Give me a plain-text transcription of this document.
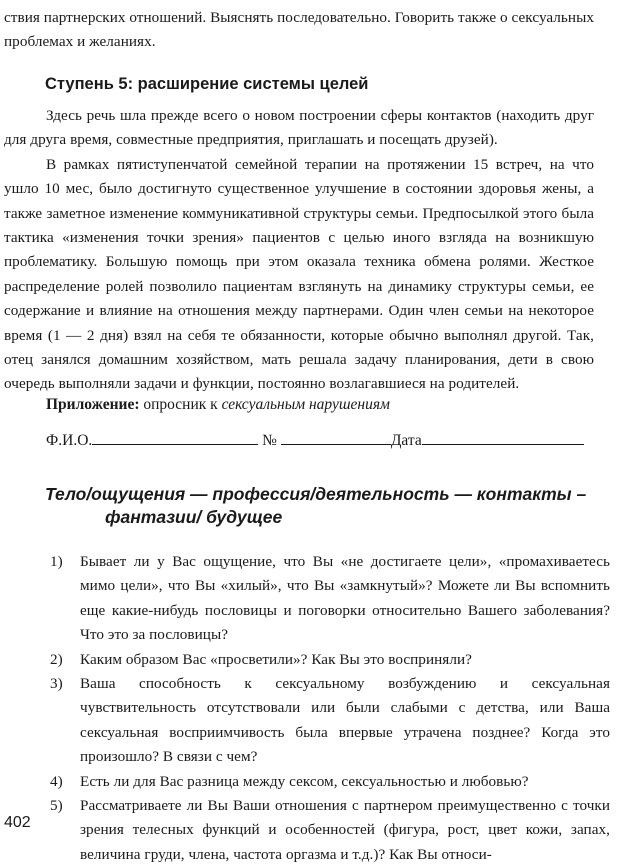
ствия партнерских отношений. Выяснять последовательно. Говорить также о сексуальных проблемах и желаниях.
Ступень 5: расширение системы целей

Здесь речь шла прежде всего о новом построении сферы контактов (находить друг для друга время, совместные предприятия, приглашать и посещать друзей).

В рамках пятиступенчатой семейной терапии на протяжении 15 встреч, на что ушло 10 мес, было достигнуто существенное улучшение в состоянии здоровья жены, а также заметное изменение коммуникативной структуры семьи. Предпосылкой этого была тактика «изменения точки зрения» пациентов с целью иного взгляда на возникшую проблематику. Большую помощь при этом оказала техника обмена ролями. Жесткое распределение ролей позволило пациентам взглянуть на динамику структуры семьи, ее содержание и влияние на отношения между партнерами. Один член семьи на некоторое время (1 — 2 дня) взял на себя те обязанности, которые обычно выполнял другой. Так, отец занялся домашним хозяйством, мать решала задачу планирования, дети в свою очередь выполняли задачи и функции, постоянно возлагавшиеся на родителей.

Приложение: опросник к сексуальным нарушениям
Ф.И.О.	№	Дата
Тело/ощущения — профессия/деятельность — контакты –
фантазии/ будущее
1) Бывает ли у Вас ощущение, что Вы «не достигаете цели», «промахиваетесь мимо цели», что Вы «хилый», что Вы «замкнутый»? Можете ли Вы вспомнить еще какие-нибудь пословицы и поговорки относительно Вашего заболевания? Что это за пословицы?
2) Каким образом Вас «просветили»? Как Вы это восприняли?
3) Ваша способность к сексуальному возбуждению и сексуальная чувствительность отсутствовали или были слабыми с детства, или Ваша сексуальная восприимчивость была впервые утрачена позднее? Когда это произошло? В связи с чем?
4) Есть ли для Вас разница между сексом, сексуальностью и любовью?
5) Рассматриваете ли Вы Ваши отношения с партнером преимущественно с точки зрения телесных функций и особенностей (фигура, рост, цвет кожи, запах, величина груди, члена, частота оргазма и т.д.)? Как Вы относи-
402
